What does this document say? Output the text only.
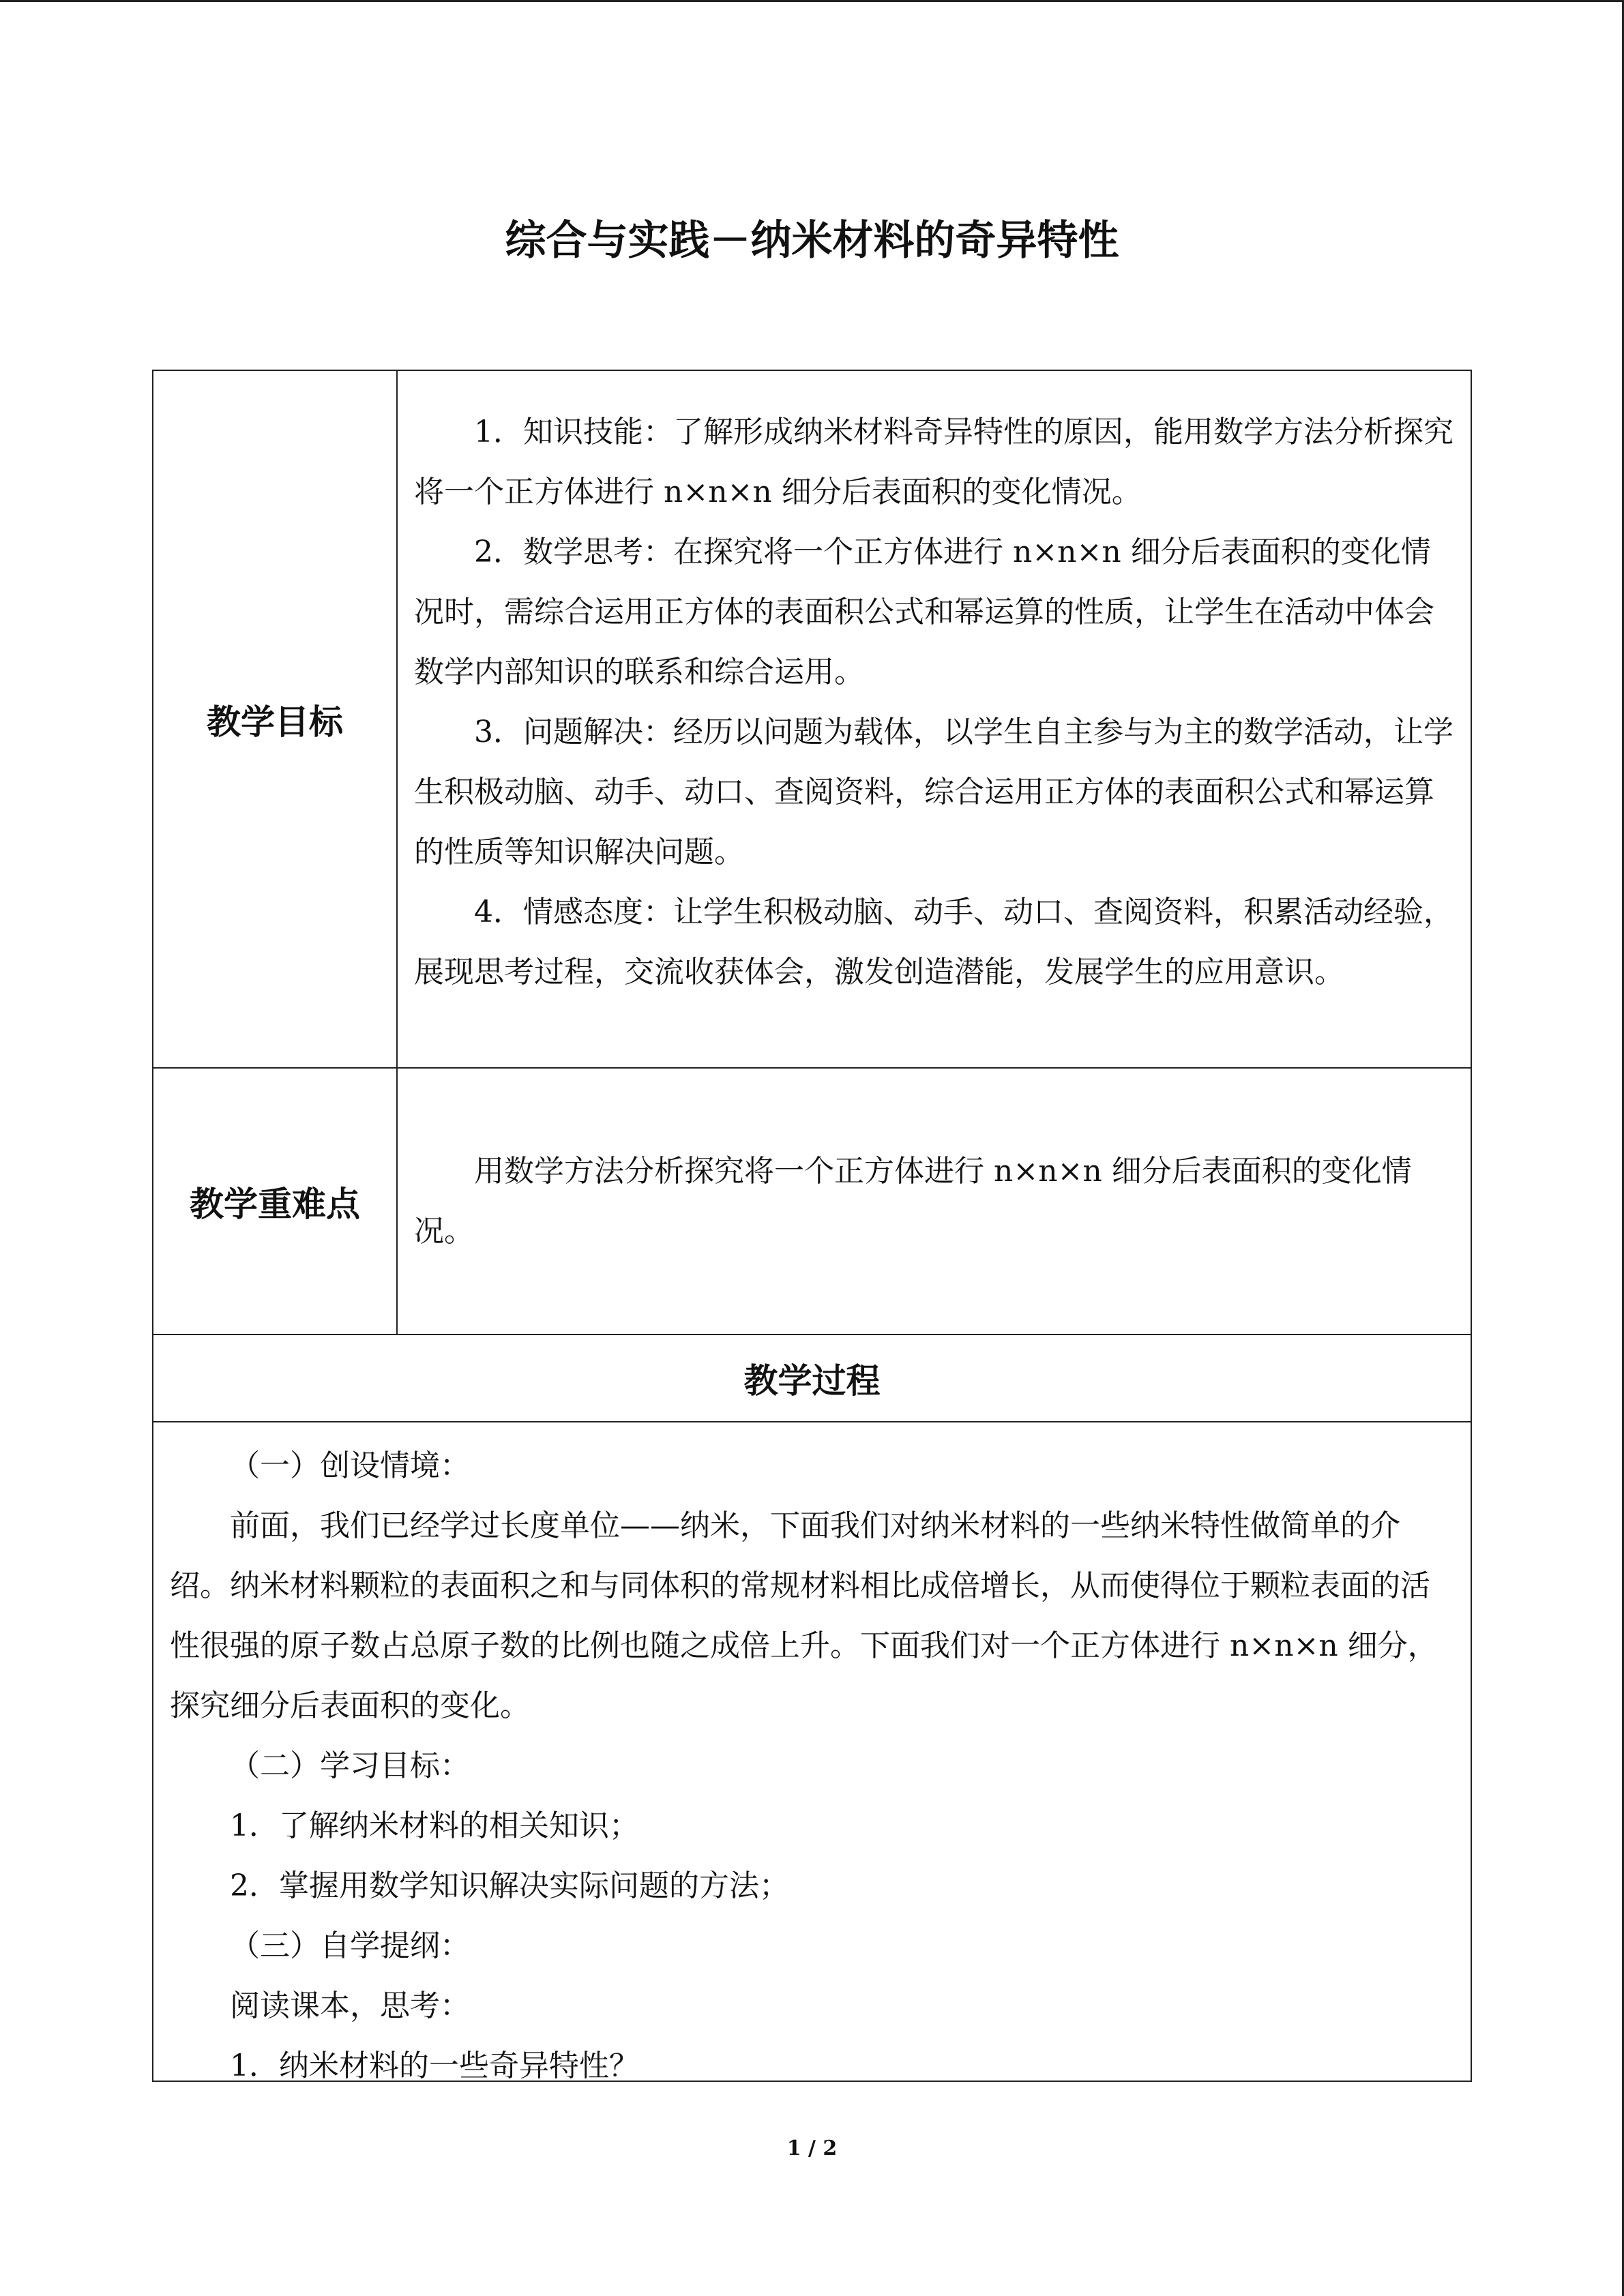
综合与实践－纳米材料的奇异特性
教学目标

1．知识技能：了解形成纳米材料奇异特性的原因，能用数学方法分析探究将一个正方体进行 n×n×n 细分后表面积的变化情况。

2．数学思考：在探究将一个正方体进行 n×n×n 细分后表面积的变化情况时，需综合运用正方体的表面积公式和幂运算的性质，让学生在活动中体会数学内部知识的联系和综合运用。

3．问题解决：经历以问题为载体，以学生自主参与为主的数学活动，让学生积极动脑、动手、动口、查阅资料，综合运用正方体的表面积公式和幂运算的性质等知识解决问题。

4．情感态度：让学生积极动脑、动手、动口、查阅资料，积累活动经验，展现思考过程，交流收获体会，激发创造潜能，发展学生的应用意识。

教学重难点

用数学方法分析探究将一个正方体进行 n×n×n 细分后表面积的变化情况。

教学过程

（一）创设情境：

前面，我们已经学过长度单位——纳米，下面我们对纳米材料的一些纳米特性做简单的介绍。纳米材料颗粒的表面积之和与同体积的常规材料相比成倍增长，从而使得位于颗粒表面的活性很强的原子数占总原子数的比例也随之成倍上升。下面我们对一个正方体进行 n×n×n 细分，探究细分后表面积的变化。

（二）学习目标：

1．了解纳米材料的相关知识；

2．掌握用数学知识解决实际问题的方法；

（三）自学提纲：

阅读课本，思考：

1．纳米材料的一些奇异特性？

1 / 2
